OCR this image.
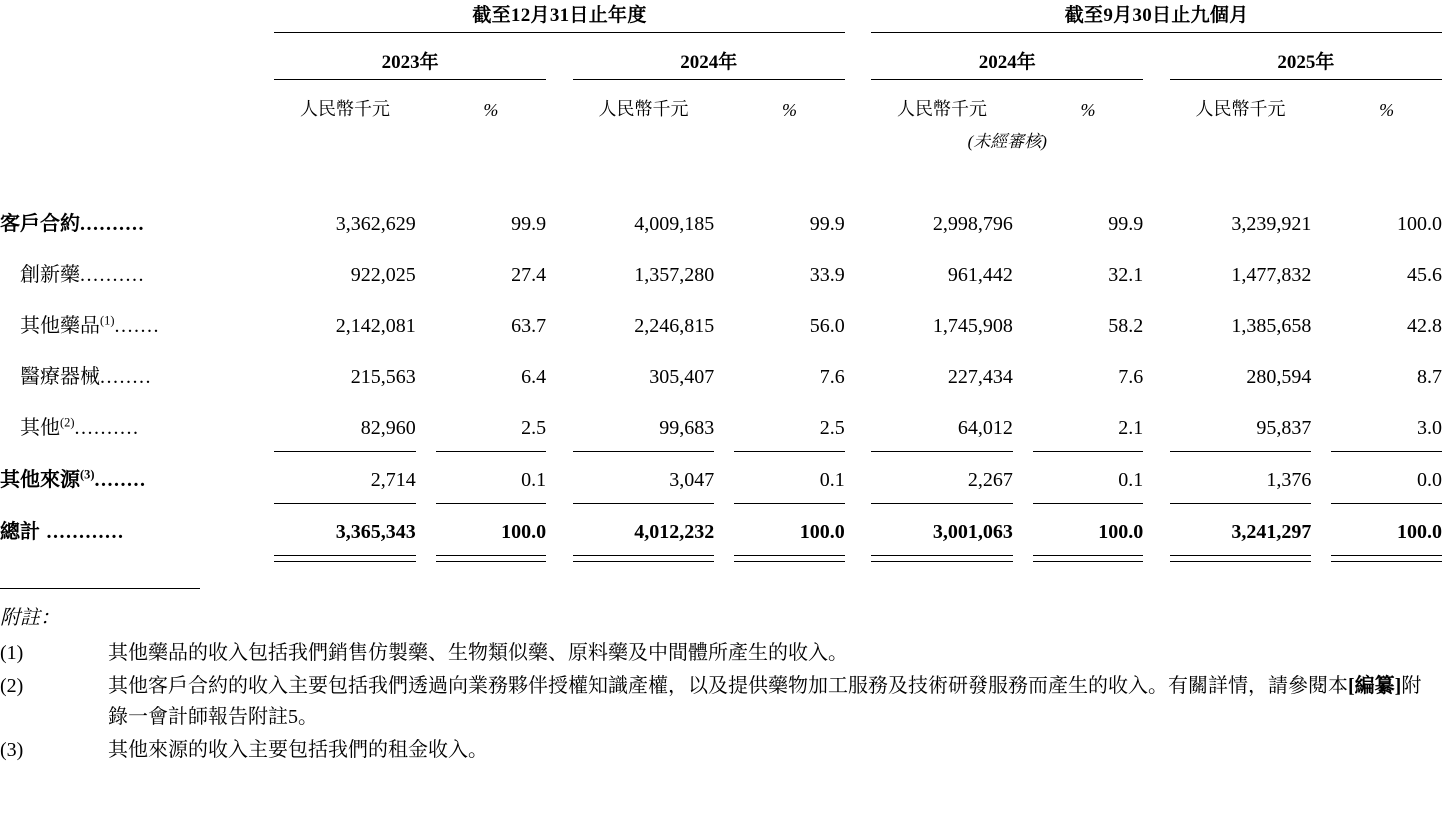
	截至12月31日止年度								截至9月30日止九個月						

	2023年				2024年				2024年				2025年		

	人民幣千元		%		人民幣千元		%		人民幣千元		%		人民幣千元		%
									(未經審核)						

客戶合約..........	3,362,629		99.9		4,009,185		99.9		2,998,796		99.9		3,239,921		100.0
創新藥..........	922,025		27.4		1,357,280		33.9		961,442		32.1		1,477,832		45.6
其他藥品$^{(1)}$.......	2,142,081		63.7		2,246,815		56.0		1,745,908		58.2		1,385,658		42.8
醫療器械........	215,563		6.4		305,407		7.6		227,434		7.6		280,594		8.7
其他$^{(2)}$..........	82,960		2.5		99,683		2.5		64,012		2.1		95,837		3.0

其他來源$^{(3)}$........	2,714		0.1		3,047		0.1		2,267		0.1		1,376		0.0

總計 ............	3,365,343		100.0		4,012,232		100.0		3,001,063		100.0		3,241,297		100.0

附註：
(1)	其他藥品的收入包括我們銷售仿製藥、生物類似藥、原料藥及中間體所產生的收入。
(2)	其他客戶合約的收入主要包括我們透過向業務夥伴授權知識產權，以及提供藥物加工服務及技術研發服務而產生的收入。有關詳情，請參閱本[編纂]附錄一會計師報告附註5。
(3)	其他來源的收入主要包括我們的租金收入。
